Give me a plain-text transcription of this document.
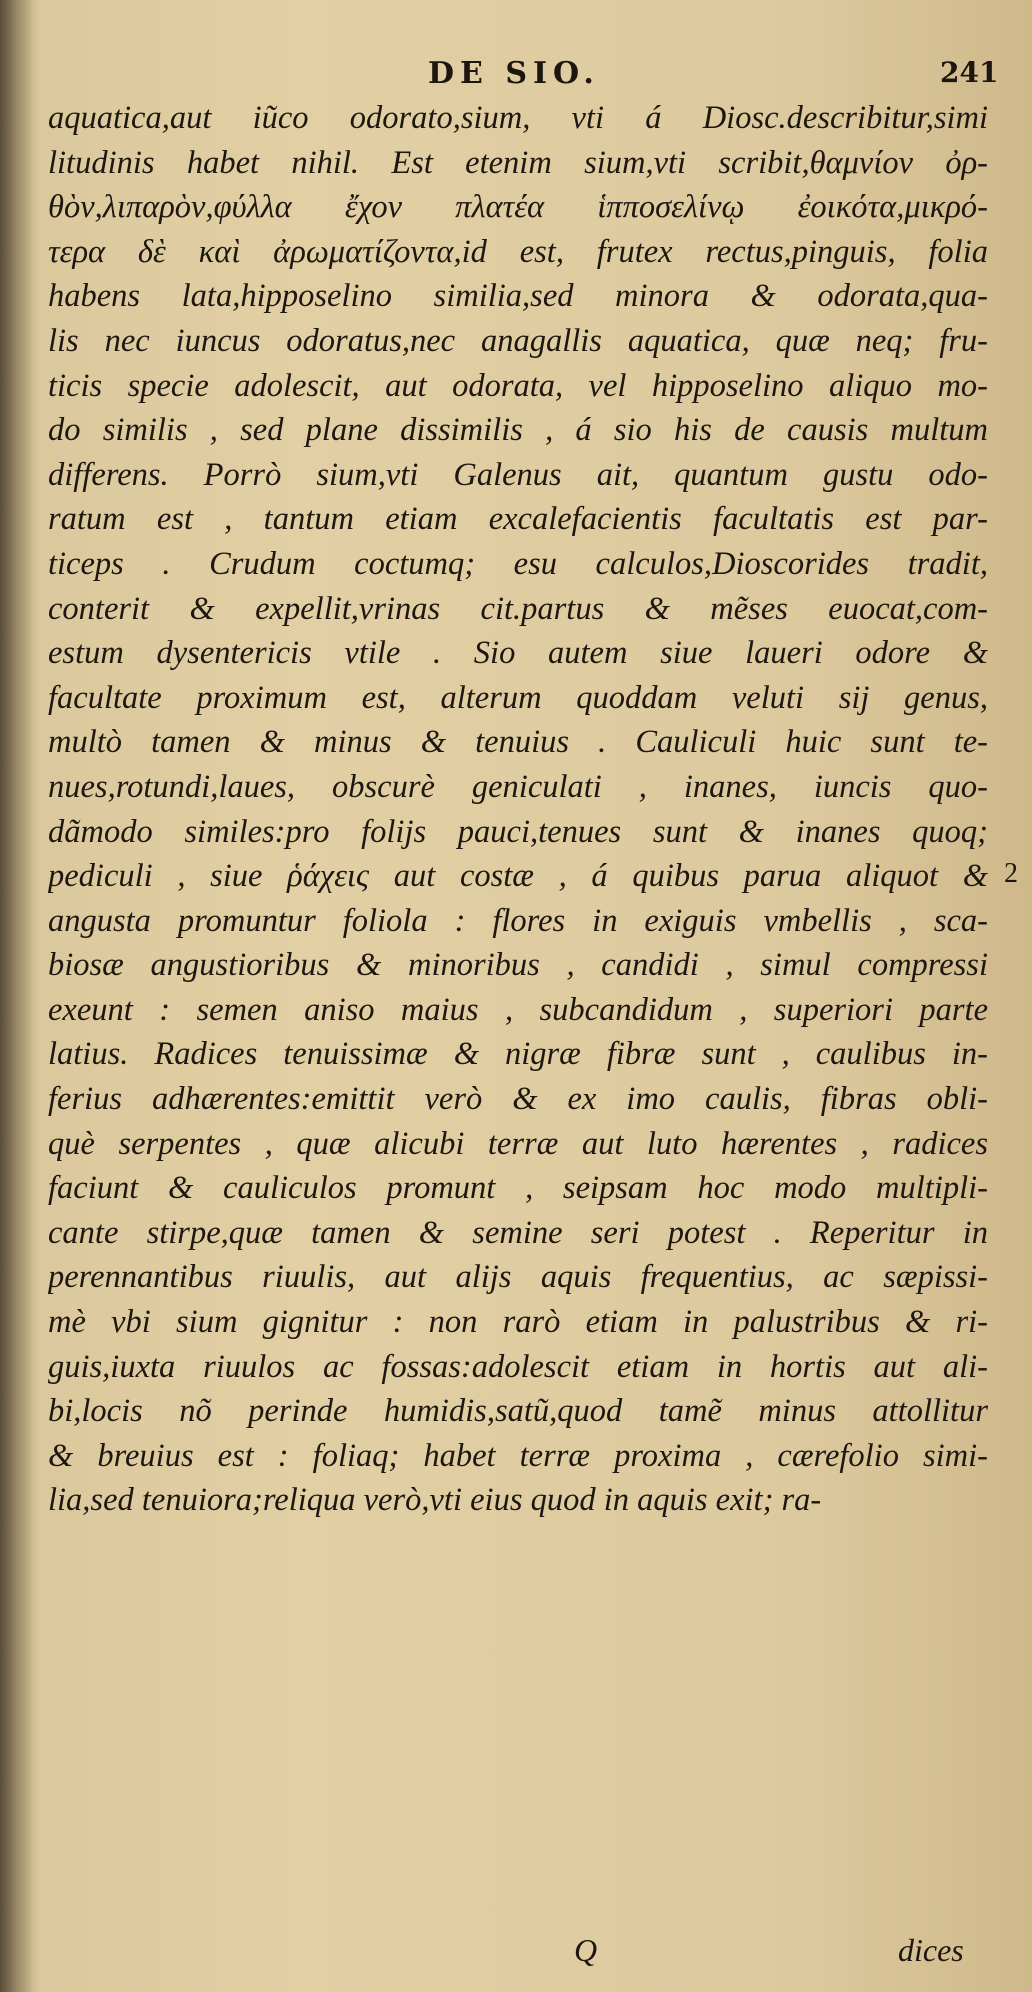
DE SIO.	241
aquatica,aut iũco odorato,sium, vti á Diosc.describitur,simi
litudinis habet nihil. Est etenim sium,vti scribit,θαμνίον ὀρ-
θὸν,λιπαρὸν,φύλλα ἔχον πλατέα ἱπποσελίνῳ ἐοικότα,μικρό-
τερα δὲ καὶ ἀρωματίζοντα,id est, frutex rectus,pinguis, folia
habens lata,hipposelino similia,sed minora & odorata,qua-
lis nec iuncus odoratus,nec anagallis aquatica, quæ neq; fru-
ticis specie adolescit, aut odorata, vel hipposelino aliquo mo-
do similis , sed plane dissimilis , á sio his de causis multum
differens. Porrò sium,vti Galenus ait, quantum gustu odo-
ratum est , tantum etiam excalefacientis facultatis est par-
ticeps . Crudum coctumq; esu calculos,Dioscorides tradit,
conterit & expellit,vrinas cit.partus & mẽses euocat,com-
estum dysentericis vtile . Sio autem siue laueri odore &
facultate proximum est, alterum quoddam veluti sij genus,
multò tamen & minus & tenuius . Cauliculi huic sunt te-
nues,rotundi,laues, obscurè geniculati , inanes, iuncis quo-
dãmodo similes:pro folijs pauci,tenues sunt & inanes quoq;
pediculi , siue ῥάχεις aut costæ , á quibus parua aliquot &
angusta promuntur foliola : flores in exiguis vmbellis , sca-
biosæ angustioribus & minoribus , candidi , simul compressi
exeunt : semen aniso maius , subcandidum , superiori parte
latius. Radices tenuissimæ & nigræ fibræ sunt , caulibus in-
ferius adhærentes:emittit verò & ex imo caulis, fibras obli-
què serpentes , quæ alicubi terræ aut luto hærentes , radices
faciunt & cauliculos promunt , seipsam hoc modo multipli-
cante stirpe,quæ tamen & semine seri potest . Reperitur in
perennantibus riuulis, aut alijs aquis frequentius, ac sæpissi-
mè vbi sium gignitur : non rarò etiam in palustribus & ri-
guis,iuxta riuulos ac fossas:adolescit etiam in hortis aut ali-
bi,locis nõ perinde humidis,satũ,quod tamẽ minus attollitur
& breuius est : foliaq; habet terræ proxima , cærefolio simi-
lia,sed tenuiora;reliqua verò,vti eius quod in aquis exit; ra-
2
Q	dices
